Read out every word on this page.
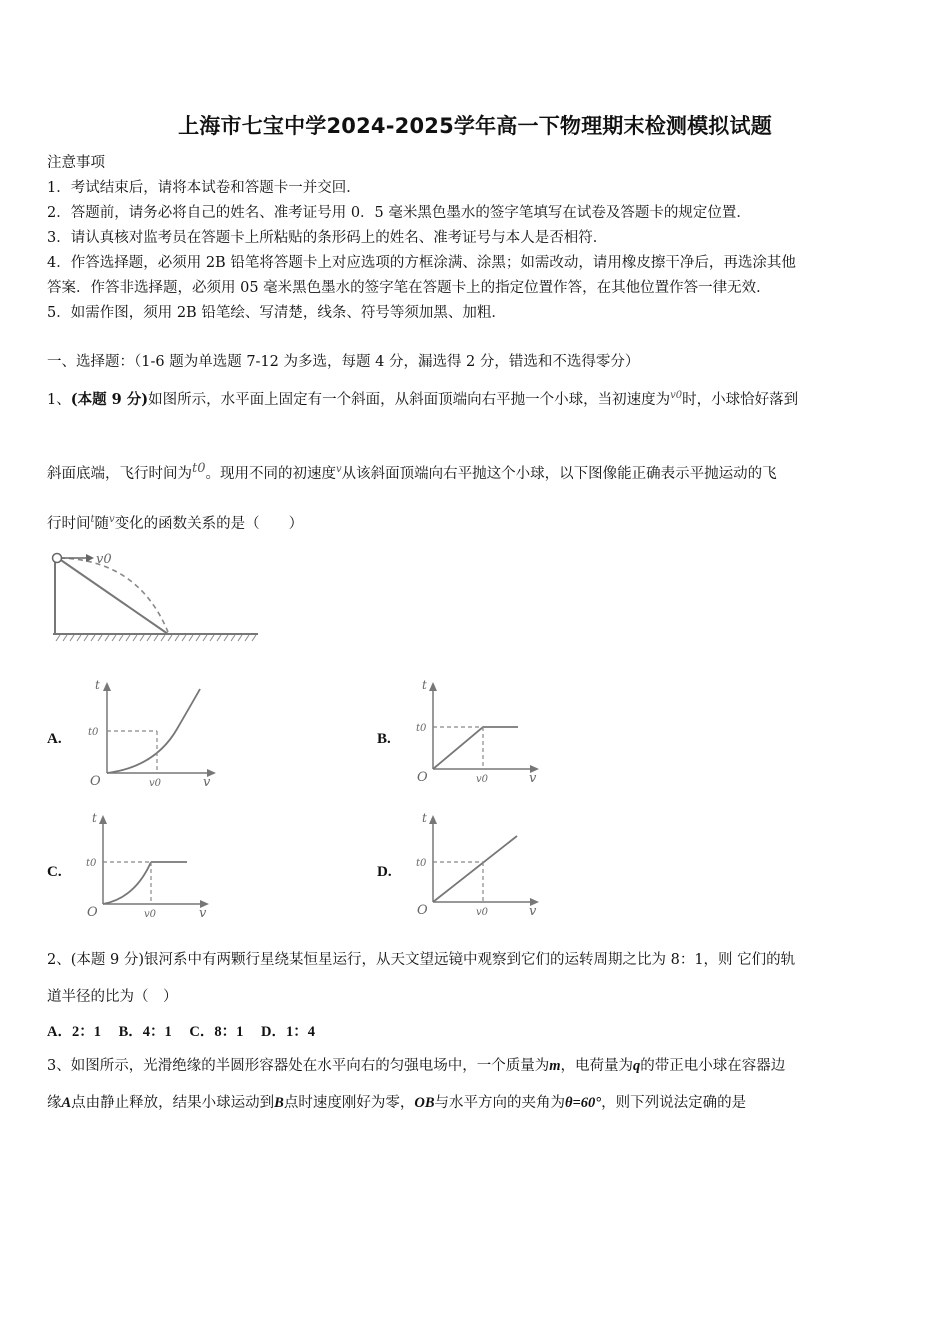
上海市七宝中学2024-2025学年高一下物理期末检测模拟试题
注意事项
1．考试结束后，请将本试卷和答题卡一并交回．
2．答题前，请务必将自己的姓名、准考证号用 0．5 毫米黑色墨水的签字笔填写在试卷及答题卡的规定位置．
3．请认真核对监考员在答题卡上所粘贴的条形码上的姓名、准考证号与本人是否相符．
4．作答选择题，必须用 2B 铅笔将答题卡上对应选项的方框涂满、涂黑；如需改动，请用橡皮擦干净后，再选涂其他
答案．作答非选择题，必须用 05 毫米黑色墨水的签字笔在答题卡上的指定位置作答，在其他位置作答一律无效．
5．如需作图，须用 2B 铅笔绘、写清楚，线条、符号等须加黑、加粗．
一、选择题：（1-6 题为单选题 7-12 为多选，每题 4 分，漏选得 2 分，错选和不选得零分）
1、(本题 9 分)如图所示，水平面上固定有一个斜面，从斜面顶端向右平抛一个小球，当初速度为$^{v0}$时，小球恰好落到
斜面底端，飞行时间为t0。现用不同的初速度$^v$从该斜面顶端向右平抛这个小球，以下图像能正确表示平抛运动的飞
行时间$^t$随$^v$变化的函数关系的是（　　）
v0
A.
t
t0
O	v0	v
B.
t
t0
O	v0	v
C.
t
t0
O	v0	v
D.
t
t0
O	v0	v
2、(本题 9 分)银河系中有两颗行星绕某恒星运行，从天文望远镜中观察到它们的运转周期之比为 8：1，则 它们的轨
道半径的比为（　）
A．2：1 B．4：1 C．8：1 D．1：4
3、如图所示，光滑绝缘的半圆形容器处在水平向右的匀强电场中，一个质量为m，电荷量为q的带正电小球在容器边
缘A点由静止释放，结果小球运动到B点时速度刚好为零，OB与水平方向的夹角为θ=60°，则下列说法定确的是
